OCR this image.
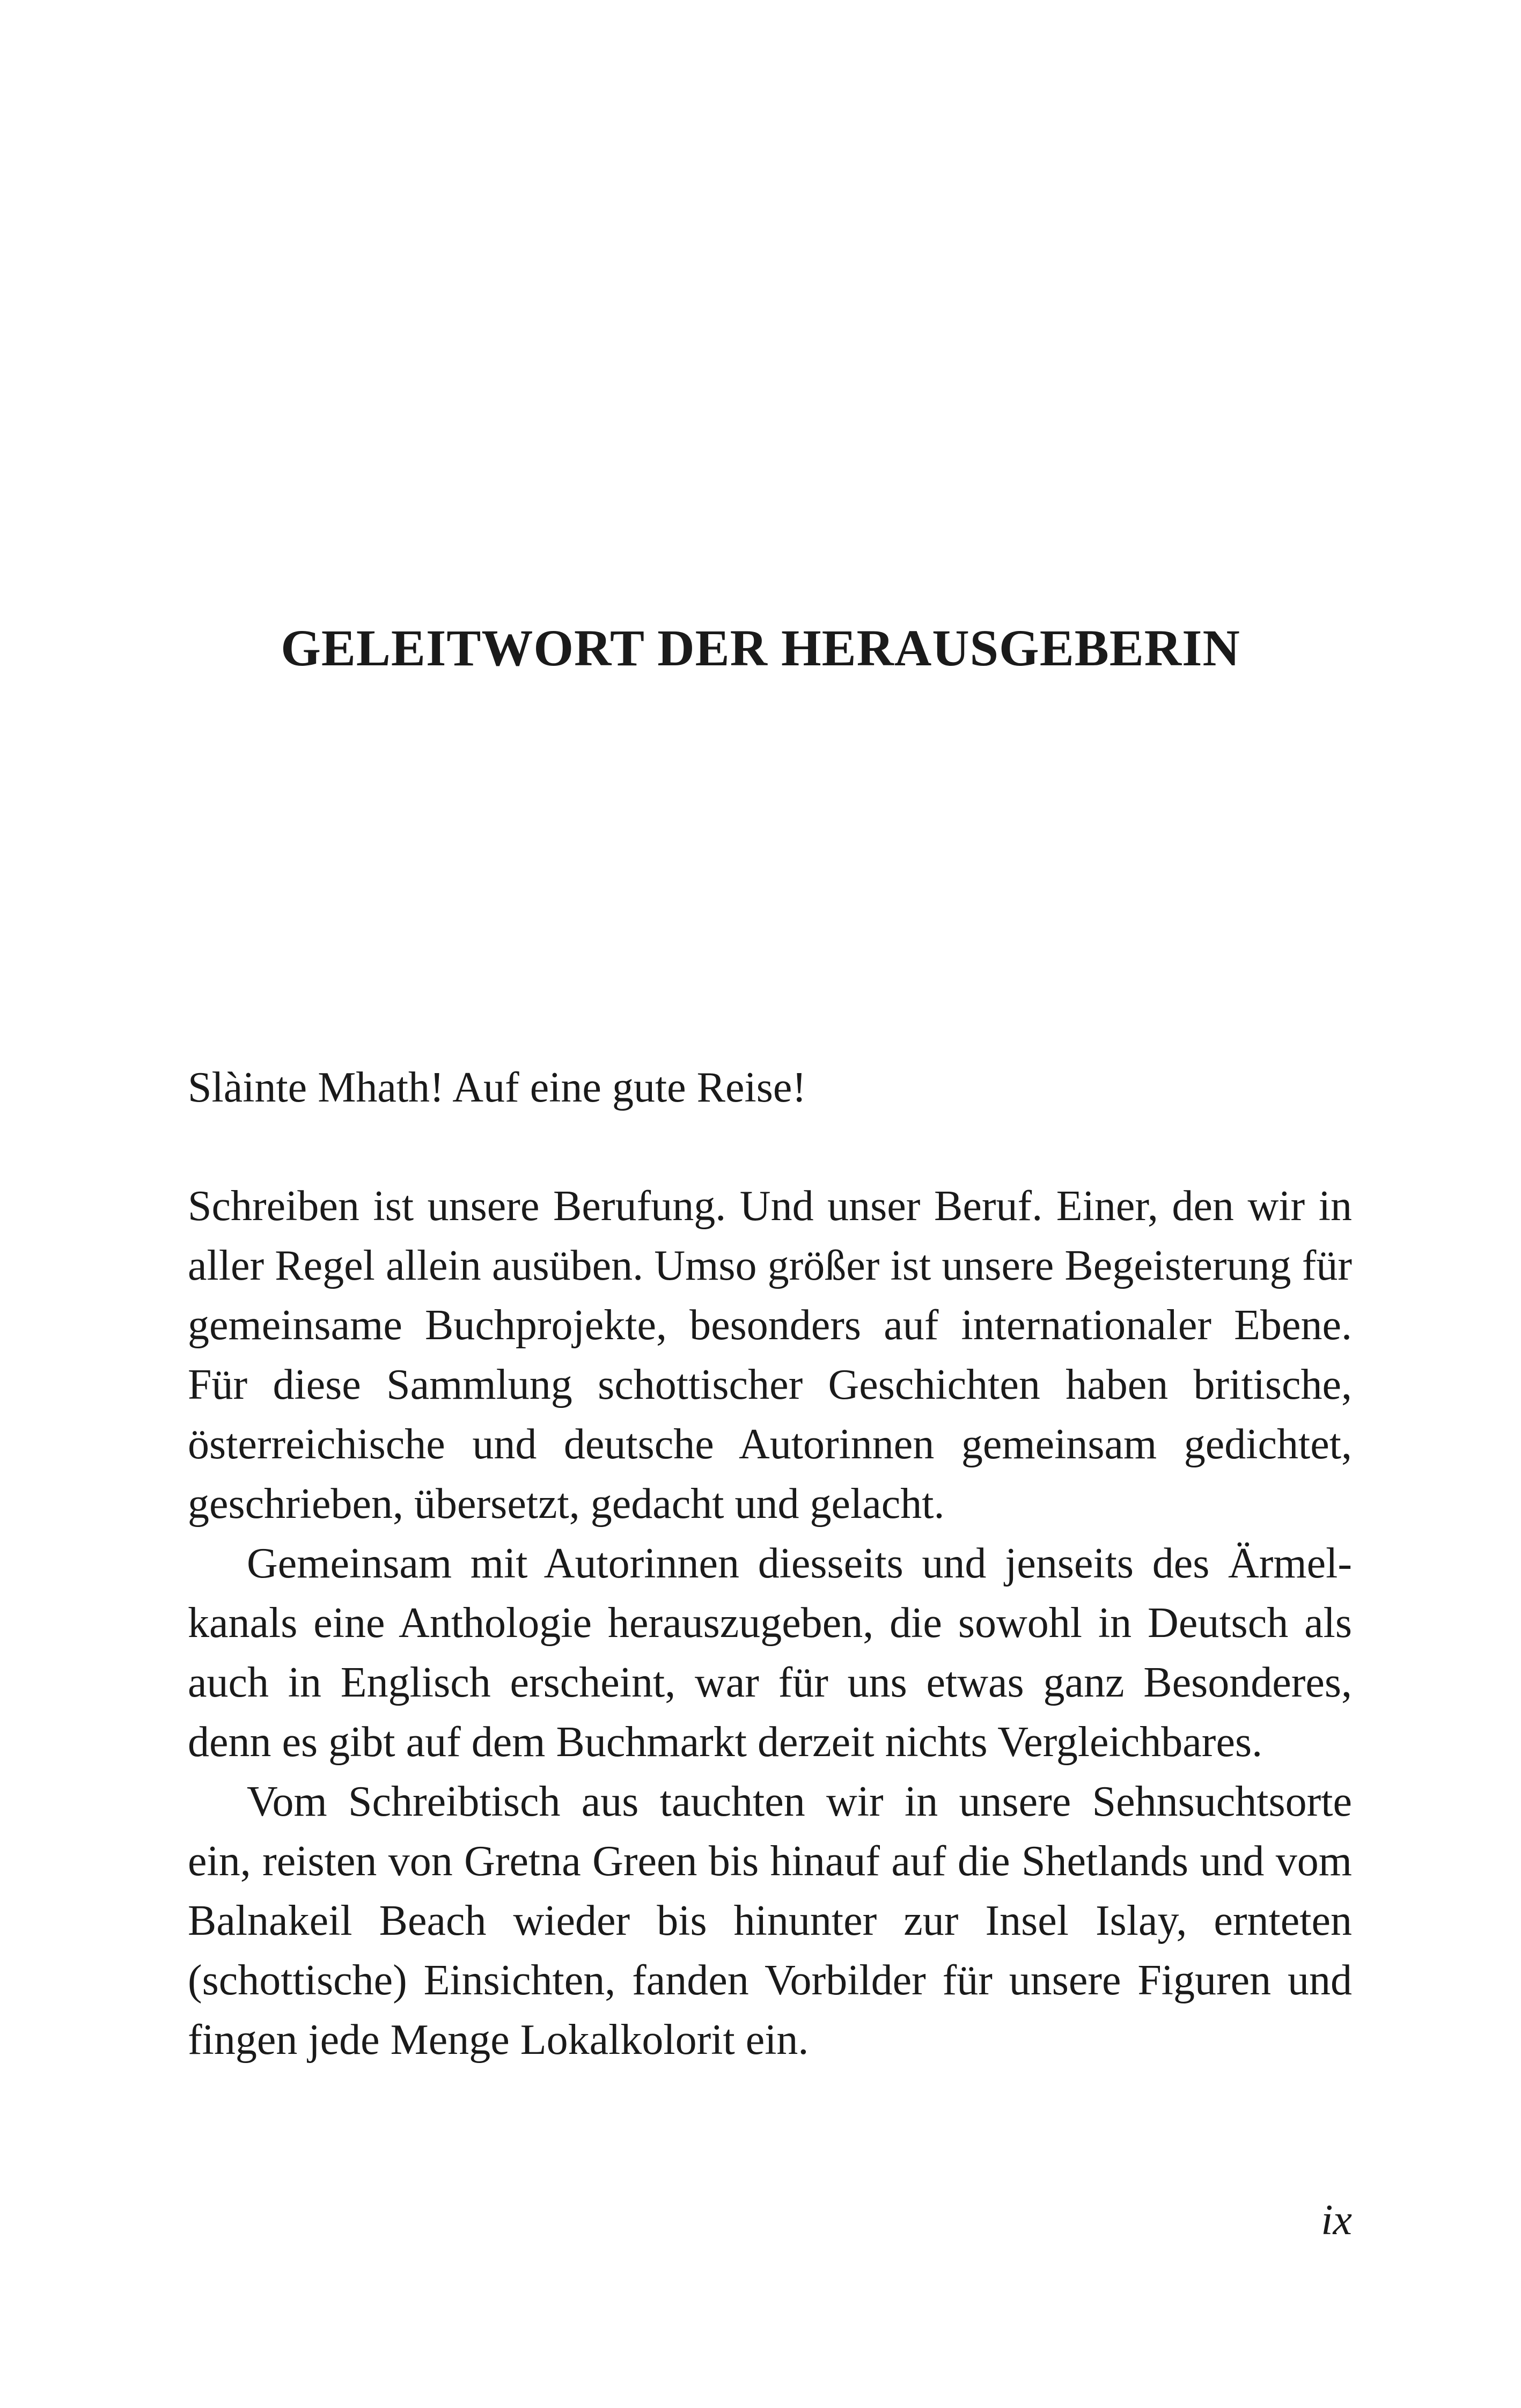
GELEITWORT DER HERAUSGEBERIN

Slàinte Mhath! Auf eine gute Reise!

Schreiben ist unsere Berufung. Und unser Beruf. Einer, den wir in aller Regel allein ausüben. Umso größer ist unsere Begeisterung für gemeinsame Buchprojekte, besonders auf internationaler Ebene. Für diese Sammlung schottischer Geschichten haben britische, österreichische und deutsche Autorinnen gemeinsam gedichtet, geschrieben, übersetzt, gedacht und gelacht.

Gemeinsam mit Autorinnen diesseits und jenseits des Ärmelkanals eine Anthologie herauszugeben, die sowohl in Deutsch als auch in Englisch erscheint, war für uns etwas ganz Besonderes, denn es gibt auf dem Buchmarkt derzeit nichts Vergleichbares.

Vom Schreibtisch aus tauchten wir in unsere Sehnsuchtsorte ein, reisten von Gretna Green bis hinauf auf die Shetlands und vom Balnakeil Beach wieder bis hinunter zur Insel Islay, ernteten (schottische) Einsichten, fanden Vorbilder für unsere Figuren und fingen jede Menge Lokalkolorit ein.

ix
